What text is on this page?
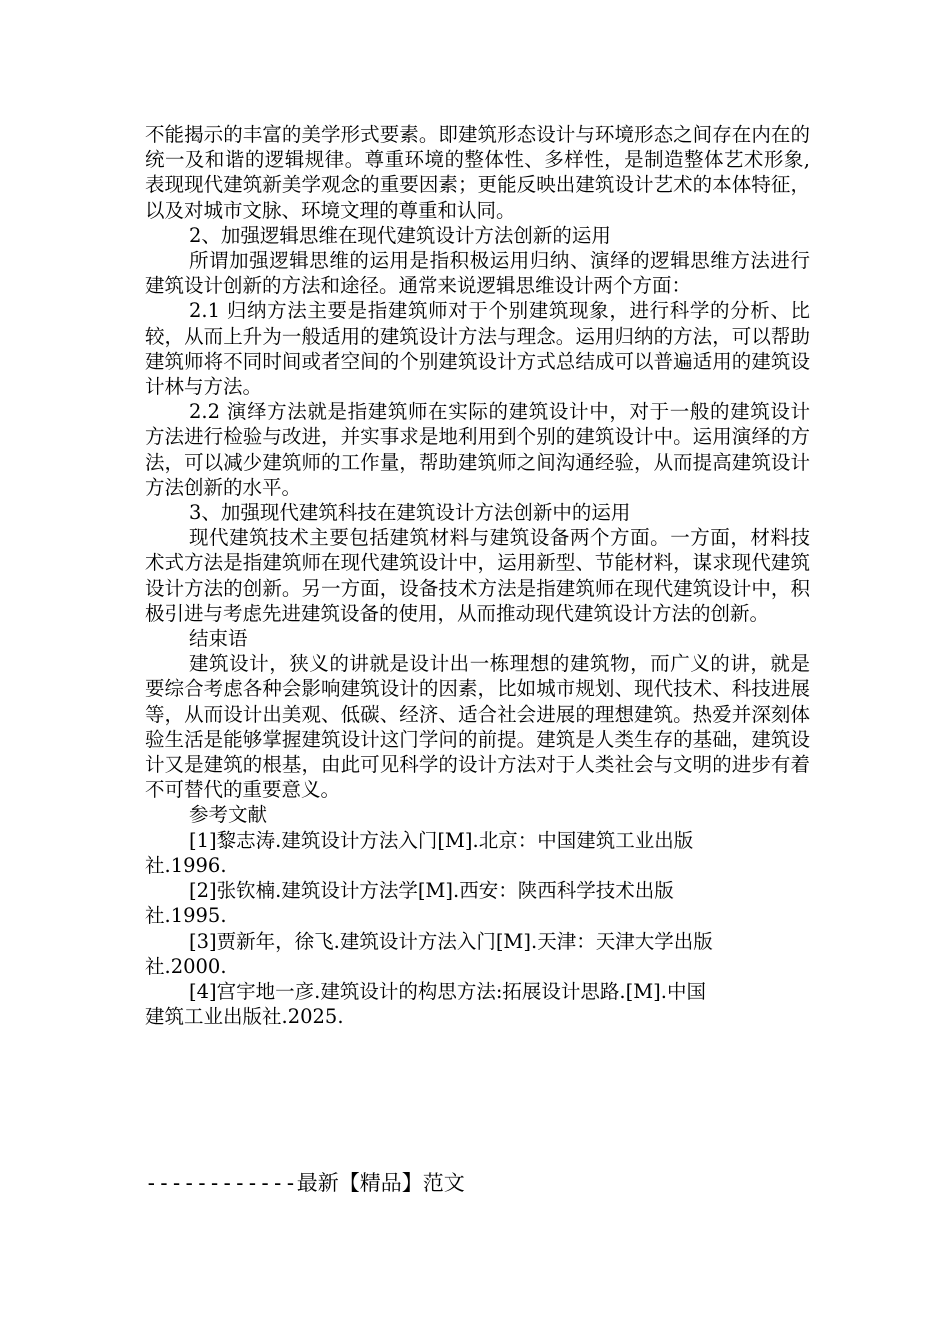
不能揭示的丰富的美学形式要素。即建筑形态设计与环境形态之间存在内在的统一及和谐的逻辑规律。尊重环境的整体性、多样性，是制造整体艺术形象,表现现代建筑新美学观念的重要因素；更能反映出建筑设计艺术的本体特征，以及对城市文脉、环境文理的尊重和认同。

2、加强逻辑思维在现代建筑设计方法创新的运用

所谓加强逻辑思维的运用是指积极运用归纳、演绎的逻辑思维方法进行建筑设计创新的方法和途径。通常来说逻辑思维设计两个方面：

2.1 归纳方法主要是指建筑师对于个别建筑现象，进行科学的分析、比较，从而上升为一般适用的建筑设计方法与理念。运用归纳的方法，可以帮助建筑师将不同时间或者空间的个别建筑设计方式总结成可以普遍适用的建筑设计林与方法。

2.2 演绎方法就是指建筑师在实际的建筑设计中，对于一般的建筑设计方法进行检验与改进，并实事求是地利用到个别的建筑设计中。运用演绎的方法，可以减少建筑师的工作量，帮助建筑师之间沟通经验，从而提高建筑设计方法创新的水平。

3、加强现代建筑科技在建筑设计方法创新中的运用

现代建筑技术主要包括建筑材料与建筑设备两个方面。一方面，材料技术式方法是指建筑师在现代建筑设计中，运用新型、节能材料，谋求现代建筑设计方法的创新。另一方面，设备技术方法是指建筑师在现代建筑设计中，积极引进与考虑先进建筑设备的使用，从而推动现代建筑设计方法的创新。

结束语

建筑设计，狭义的讲就是设计出一栋理想的建筑物，而广义的讲，就是要综合考虑各种会影响建筑设计的因素，比如城市规划、现代技术、科技进展等，从而设计出美观、低碳、经济、适合社会进展的理想建筑。热爱并深刻体验生活是能够掌握建筑设计这门学问的前提。建筑是人类生存的基础，建筑设计又是建筑的根基，由此可见科学的设计方法对于人类社会与文明的进步有着不可替代的重要意义。

参考文献

[1]黎志涛.建筑设计方法入门[M].北京：中国建筑工业出版

社.1996.

[2]张钦楠.建筑设计方法学[M].西安：陕西科学技术出版

社.1995.

[3]贾新年，徐飞.建筑设计方法入门[M].天津：天津大学出版

社.2000.

[4]宫宇地一彦.建筑设计的构思方法:拓展设计思路.[M].中国

建筑工业出版社.2025.

------------最新【精品】范文
